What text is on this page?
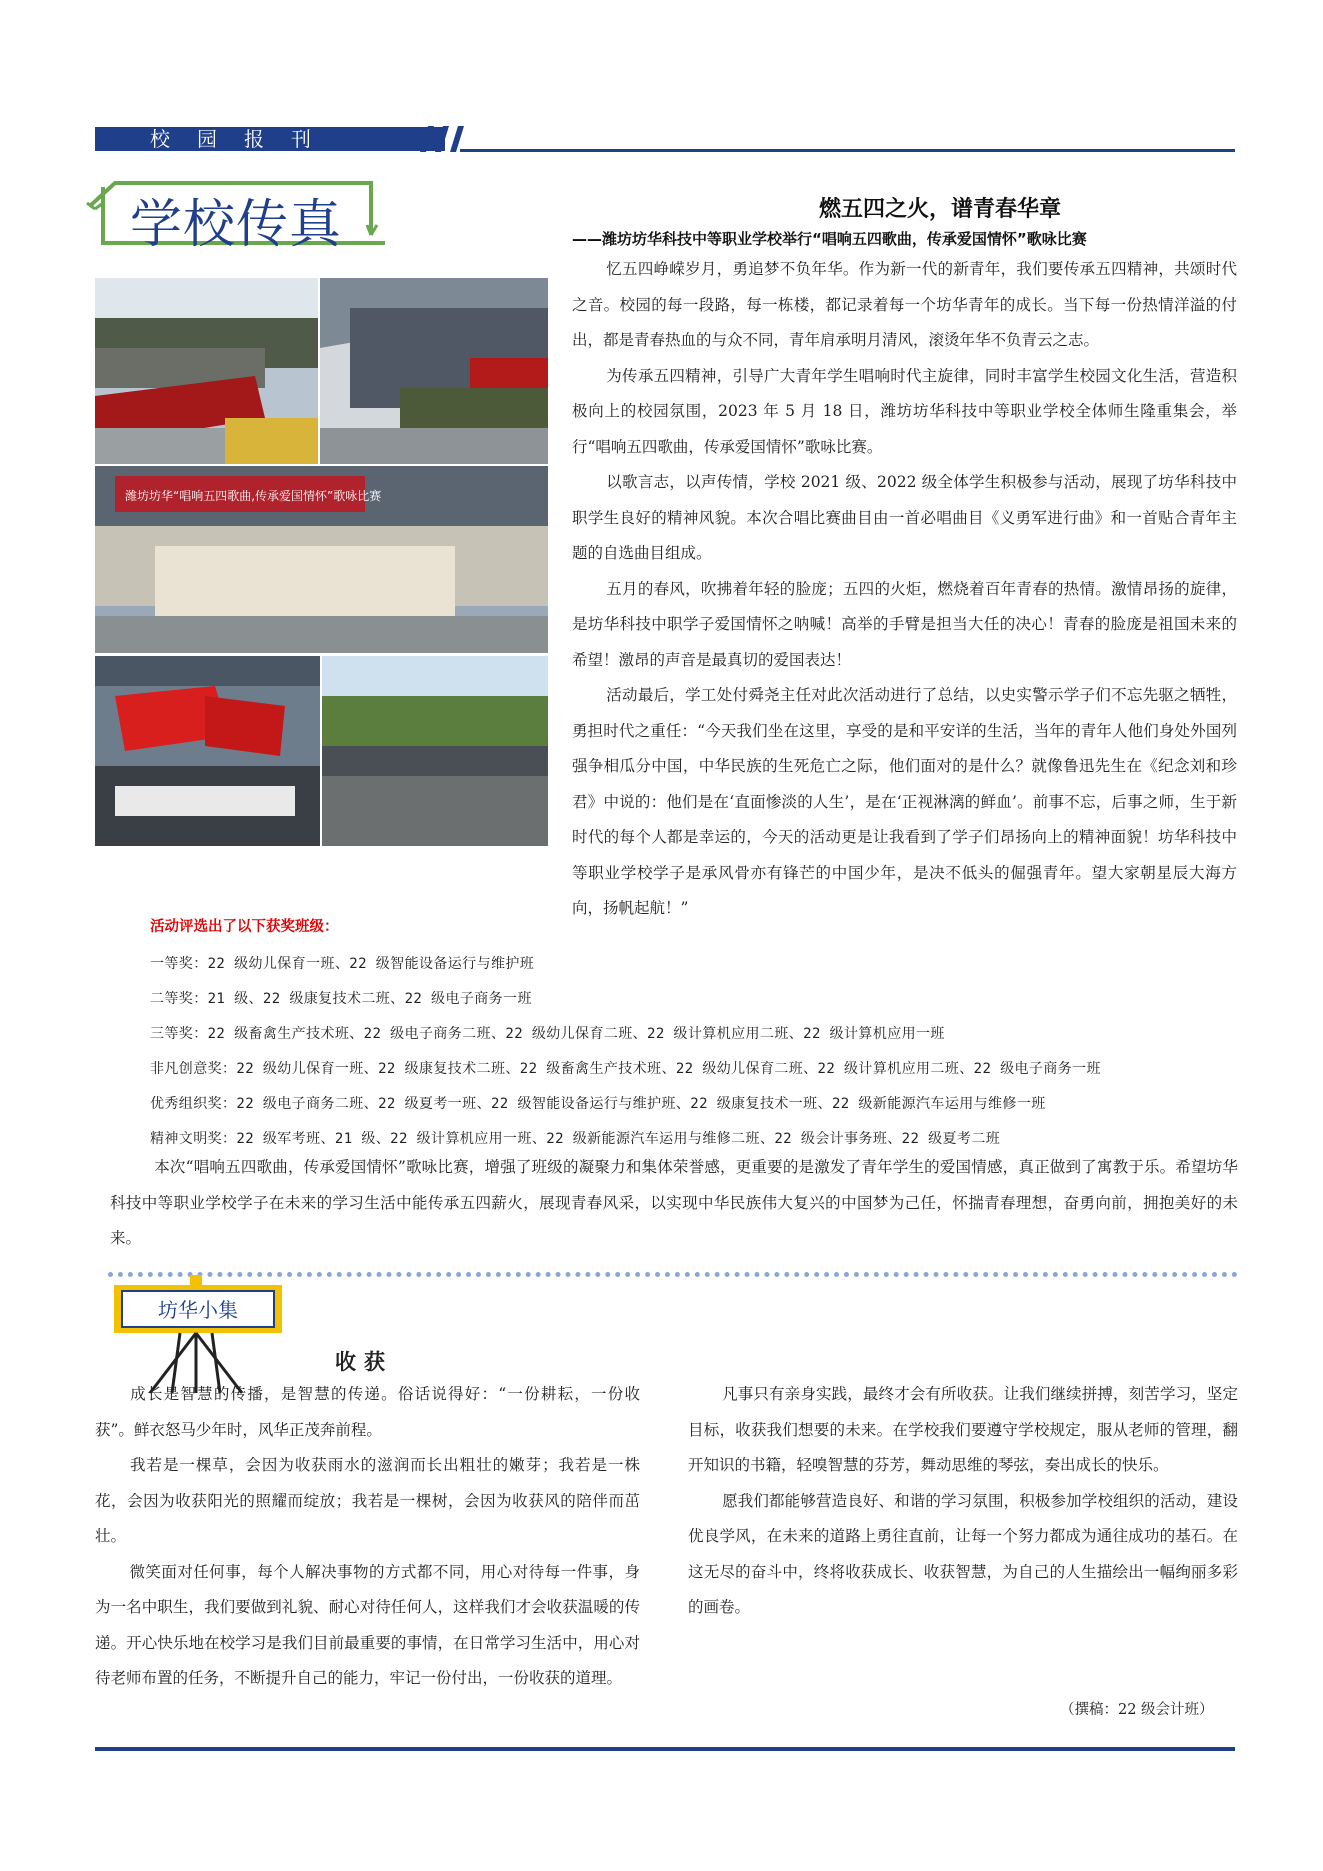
校园报刊
学校传真	燃五四之火，谱青春华章
——潍坊坊华科技中等职业学校举行“唱响五四歌曲，传承爱国情怀”歌咏比赛
潍坊坊华“唱响五四歌曲,传承爱国情怀”歌咏比赛
忆五四峥嵘岁月，勇追梦不负年华。作为新一代的新青年，我们要传承五四精神，共颂时代之音。校园的每一段路，每一栋楼，都记录着每一个坊华青年的成长。当下每一份热情洋溢的付出，都是青春热血的与众不同，青年肩承明月清风，滚烫年华不负青云之志。
为传承五四精神，引导广大青年学生唱响时代主旋律，同时丰富学生校园文化生活，营造积极向上的校园氛围，2023 年 5 月 18 日，潍坊坊华科技中等职业学校全体师生隆重集会，举行“唱响五四歌曲，传承爱国情怀”歌咏比赛。
以歌言志，以声传情，学校 2021 级、2022 级全体学生积极参与活动，展现了坊华科技中职学生良好的精神风貌。本次合唱比赛曲目由一首必唱曲目《义勇军进行曲》和一首贴合青年主题的自选曲目组成。
五月的春风，吹拂着年轻的脸庞；五四的火炬，燃烧着百年青春的热情。激情昂扬的旋律，是坊华科技中职学子爱国情怀之呐喊！高举的手臂是担当大任的决心！青春的脸庞是祖国未来的希望！激昂的声音是最真切的爱国表达！
活动最后，学工处付舜尧主任对此次活动进行了总结，以史实警示学子们不忘先驱之牺牲，勇担时代之重任：“今天我们坐在这里，享受的是和平安详的生活，当年的青年人他们身处外国列强争相瓜分中国，中华民族的生死危亡之际，他们面对的是什么？就像鲁迅先生在《纪念刘和珍君》中说的：他们是在‘直面惨淡的人生’，是在‘正视淋漓的鲜血’。前事不忘，后事之师，生于新时代的每个人都是幸运的，今天的活动更是让我看到了学子们昂扬向上的精神面貌！坊华科技中等职业学校学子是承风骨亦有锋芒的中国少年，是决不低头的倔强青年。望大家朝星辰大海方向，扬帆起航！”
活动评选出了以下获奖班级：
一等奖：22 级幼儿保育一班、22 级智能设备运行与维护班
二等奖：21 级、22 级康复技术二班、22 级电子商务一班
三等奖：22 级畜禽生产技术班、22 级电子商务二班、22 级幼儿保育二班、22 级计算机应用二班、22 级计算机应用一班
非凡创意奖：22 级幼儿保育一班、22 级康复技术二班、22 级畜禽生产技术班、22 级幼儿保育二班、22 级计算机应用二班、22 级电子商务一班
优秀组织奖：22 级电子商务二班、22 级夏考一班、22 级智能设备运行与维护班、22 级康复技术一班、22 级新能源汽车运用与维修一班
精神文明奖：22 级军考班、21 级、22 级计算机应用一班、22 级新能源汽车运用与维修二班、22 级会计事务班、22 级夏考二班
本次“唱响五四歌曲，传承爱国情怀”歌咏比赛，增强了班级的凝聚力和集体荣誉感，更重要的是激发了青年学生的爱国情感，真正做到了寓教于乐。希望坊华科技中等职业学校学子在未来的学习生活中能传承五四薪火，展现青春风采，以实现中华民族伟大复兴的中国梦为己任，怀揣青春理想，奋勇向前，拥抱美好的未来。
坊华小集
收获
成长是智慧的传播，是智慧的传递。俗话说得好：“一份耕耘，一份收获”。鲜衣怒马少年时，风华正茂奔前程。
我若是一棵草，会因为收获雨水的滋润而长出粗壮的嫩芽；我若是一株花，会因为收获阳光的照耀而绽放；我若是一棵树，会因为收获风的陪伴而茁壮。
微笑面对任何事，每个人解决事物的方式都不同，用心对待每一件事，身为一名中职生，我们要做到礼貌、耐心对待任何人，这样我们才会收获温暖的传递。开心快乐地在校学习是我们目前最重要的事情，在日常学习生活中，用心对待老师布置的任务，不断提升自己的能力，牢记一份付出，一份收获的道理。
凡事只有亲身实践，最终才会有所收获。让我们继续拼搏，刻苦学习，坚定目标，收获我们想要的未来。在学校我们要遵守学校规定，服从老师的管理，翻开知识的书籍，轻嗅智慧的芬芳，舞动思维的琴弦，奏出成长的快乐。
愿我们都能够营造良好、和谐的学习氛围，积极参加学校组织的活动，建设优良学风，在未来的道路上勇往直前，让每一个努力都成为通往成功的基石。在这无尽的奋斗中，终将收获成长、收获智慧，为自己的人生描绘出一幅绚丽多彩的画卷。
（撰稿：22 级会计班）
潍坊坊华“唱响五四歌曲,传承爱国情怀”歌咏比赛
潍坊坊华“唱响五四歌曲,传承爱国情怀”歌咏比赛
